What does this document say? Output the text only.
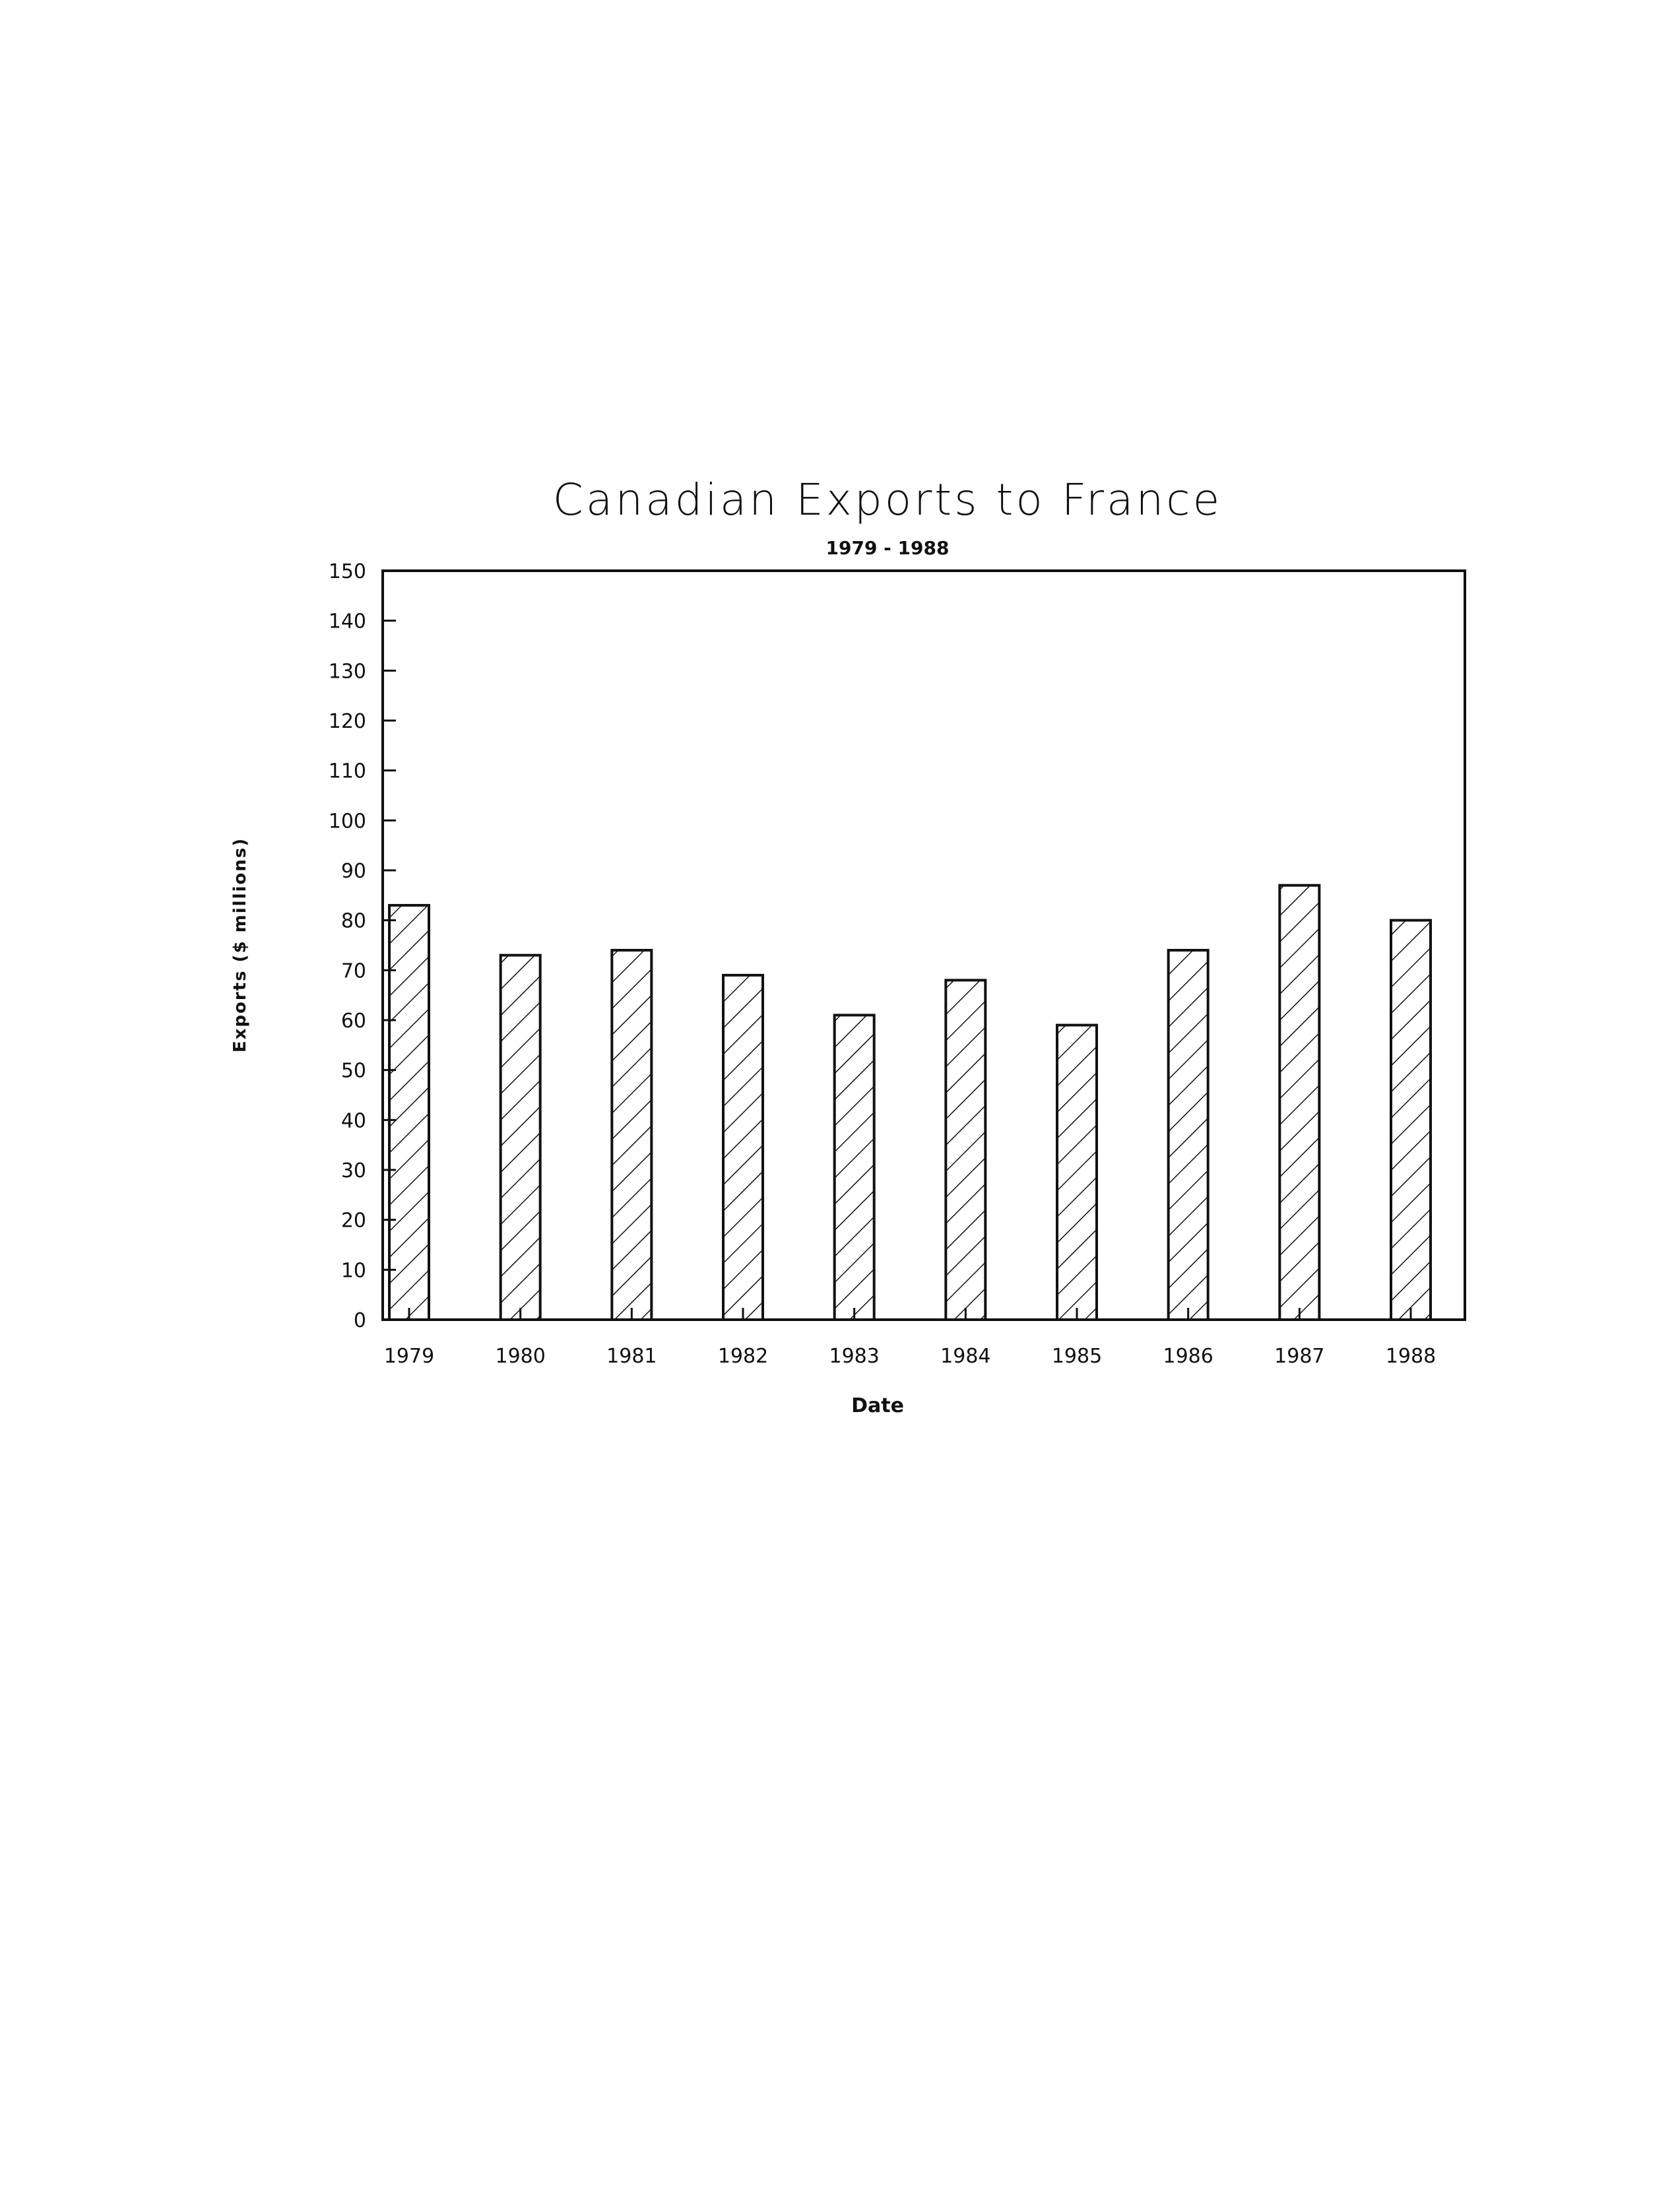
Canadian Exports to France
1979 - 1988
0
10
20
30
40
50
60
70
80
90
100
110
120
130
140
150
1979	1980	1981	1982	1983	1984	1985	1986	1987	1988
Date
Exports ($ millions)
